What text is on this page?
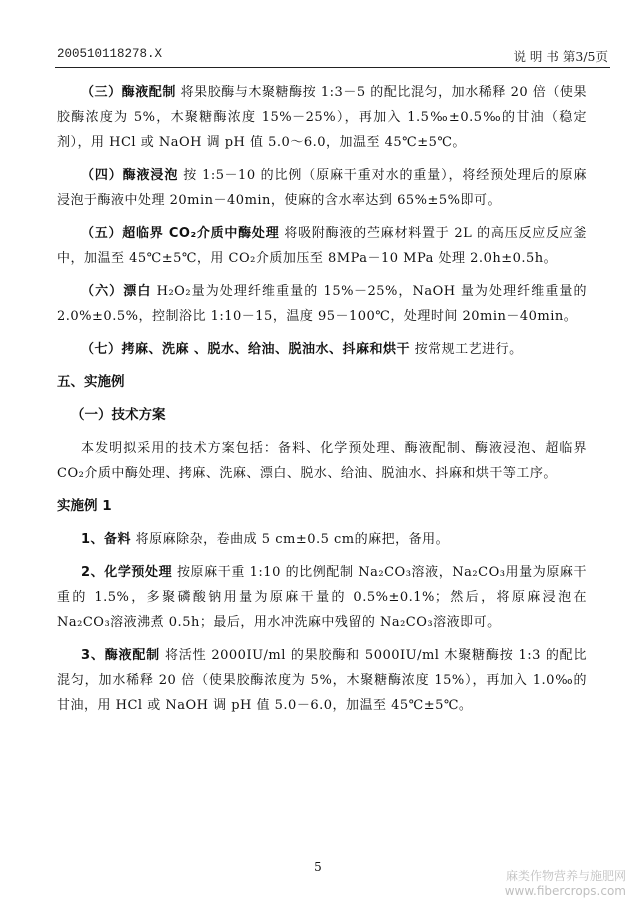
200510118278.X	说 明 书 第3/5页
（三）酶液配制 将果胶酶与木聚糖酶按 1:3－5 的配比混匀，加水稀释 20 倍（使果胶酶浓度为 5%，木聚糖酶浓度 15%－25%），再加入 1.5‰±0.5‰的甘油（稳定剂），用 HCl 或 NaOH 调 pH 值 5.0～6.0，加温至 45℃±5℃。
（四）酶液浸泡 按 1:5－10 的比例（原麻干重对水的重量），将经预处理后的原麻浸泡于酶液中处理 20min－40min，使麻的含水率达到 65%±5%即可。
（五）超临界 CO₂介质中酶处理 将吸附酶液的苎麻材料置于 2L 的高压反应反应釜中，加温至 45℃±5℃，用 CO₂介质加压至 8MPa－10 MPa 处理 2.0h±0.5h。
（六）漂白 H₂O₂量为处理纤维重量的 15%－25%，NaOH 量为处理纤维重量的 2.0%±0.5%，控制浴比 1:10－15，温度 95－100℃，处理时间 20min－40min。
（七）拷麻、洗麻 、脱水、给油、脱油水、抖麻和烘干 按常规工艺进行。
五、实施例
（一）技术方案
本发明拟采用的技术方案包括：备料、化学预处理、酶液配制、酶液浸泡、超临界 CO₂介质中酶处理、拷麻、洗麻、漂白、脱水、给油、脱油水、抖麻和烘干等工序。
实施例 1
1、备料 将原麻除杂，卷曲成 5 cm±0.5 cm的麻把，备用。
2、化学预处理 按原麻干重 1:10 的比例配制 Na₂CO₃溶液，Na₂CO₃用量为原麻干重的 1.5%，多聚磷酸钠用量为原麻干量的 0.5%±0.1%；然后，将原麻浸泡在 Na₂CO₃溶液沸煮 0.5h；最后，用水冲洗麻中残留的 Na₂CO₃溶液即可。
3、酶液配制 将活性 2000IU/ml 的果胶酶和 5000IU/ml 木聚糖酶按 1:3 的配比混匀，加水稀释 20 倍（使果胶酶浓度为 5%，木聚糖酶浓度 15%），再加入 1.0‰的甘油，用 HCl 或 NaOH 调 pH 值 5.0－6.0，加温至 45℃±5℃。
5
麻类作物营养与施肥网
www.fibercrops.com
